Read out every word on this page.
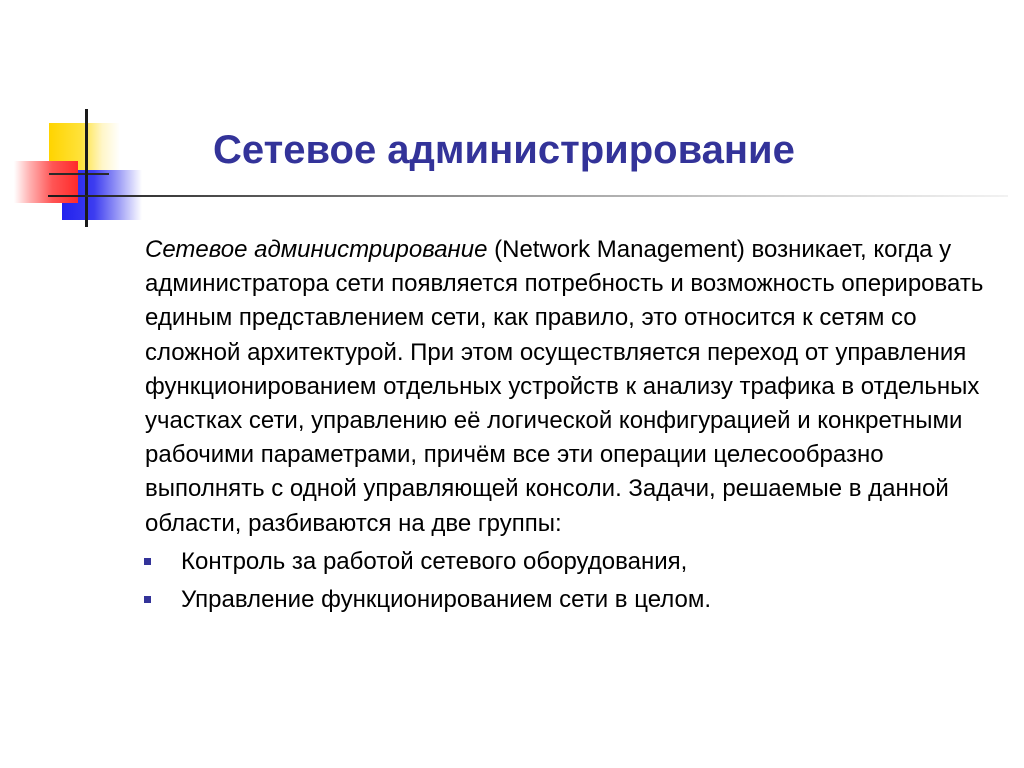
Сетевое администрирование

Сетевое администрирование (Network Management) возникает, когда у администратора сети появляется потребность и возможность оперировать единым представлением сети, как правило, это относится к сетям со сложной архитектурой. При этом осуществляется переход от управления функционированием отдельных устройств к анализу трафика в отдельных участках сети, управлению её логической конфигурацией и конкретными рабочими параметрами, причём все эти операции целесообразно выполнять с одной управляющей консоли. Задачи, решаемые в данной области, разбиваются на две группы:

Контроль за работой сетевого оборудования,
Управление функционированием сети в целом.
